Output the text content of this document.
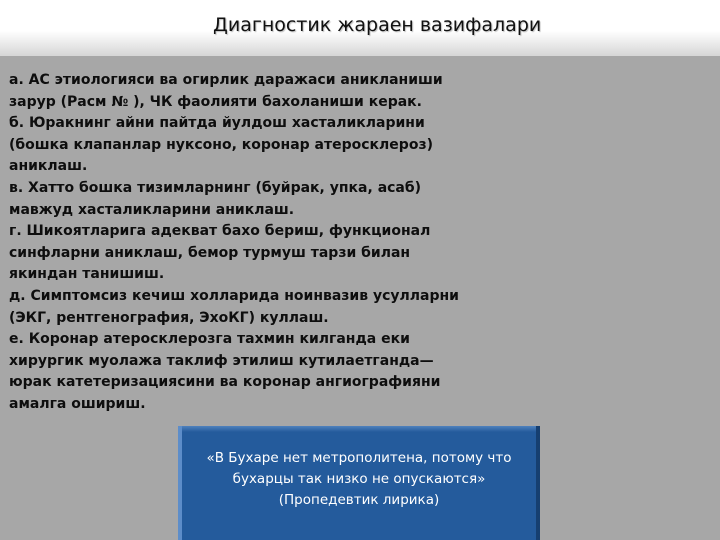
Диагностик жараен вазифалари
а. АС этиологияси ва огирлик даражаси аникланиши
зарур (Расм № ), ЧК фаолияти бахоланиши керак.
б. Юракнинг айни пайтда йулдош хасталикларини
(бошка клапанлар нуксоно, коронар атеросклероз)
аниклаш.
в. Хатто бошка тизимларнинг (буйрак, упка, асаб)
мавжуд хасталикларини аниклаш.
г. Шикоятларига адекват бахо бериш, функционал
синфларни аниклаш, бемор турмуш тарзи билан
якиндан танишиш.
д. Симптомсиз кечиш холларида ноинвазив усулларни
(ЭКГ, рентгенография, ЭхоКГ) куллаш.
е. Коронар атеросклерозга тахмин килганда еки
хирургик муолажа таклиф этилиш кутилаетганда—
юрак катетеризациясини ва коронар ангиографияни
амалга ошириш.
«В Бухаре нет метрополитена, потому что
бухарцы так низко не опускаются»
(Пропедевтик лирика)
